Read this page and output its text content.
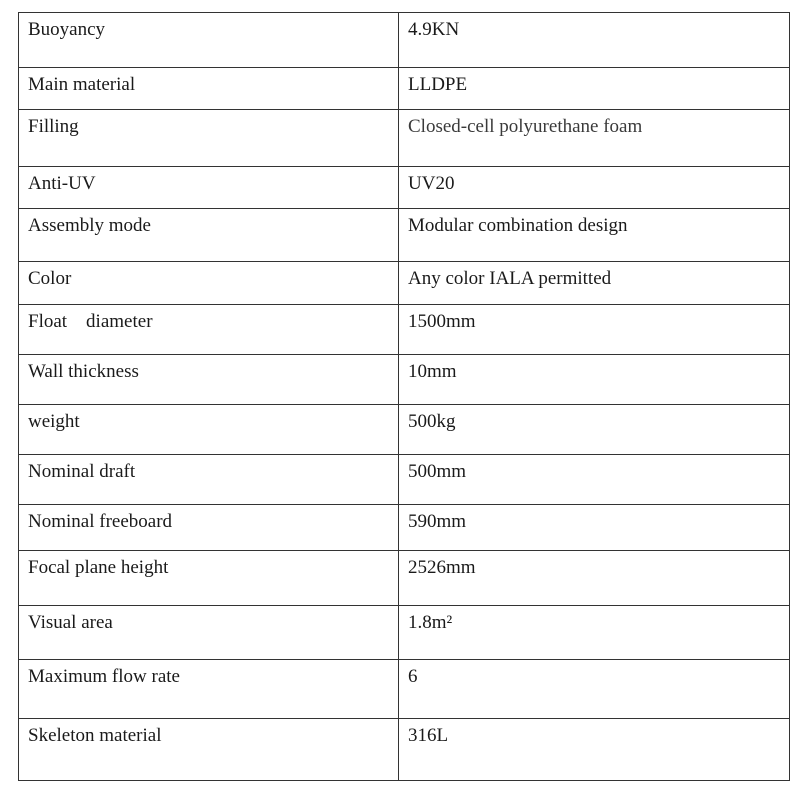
Buoyancy	4.9KN
Main material	LLDPE
Filling	Closed-cell polyurethane foam
Anti-UV	UV20
Assembly mode	Modular combination design
Color	Any color IALA permitted
Float    diameter	1500mm
Wall thickness	10mm
weight	500kg
Nominal draft	500mm
Nominal freeboard	590mm
Focal plane height	2526mm
Visual area	1.8m²
Maximum flow rate	6
Skeleton material	316L
